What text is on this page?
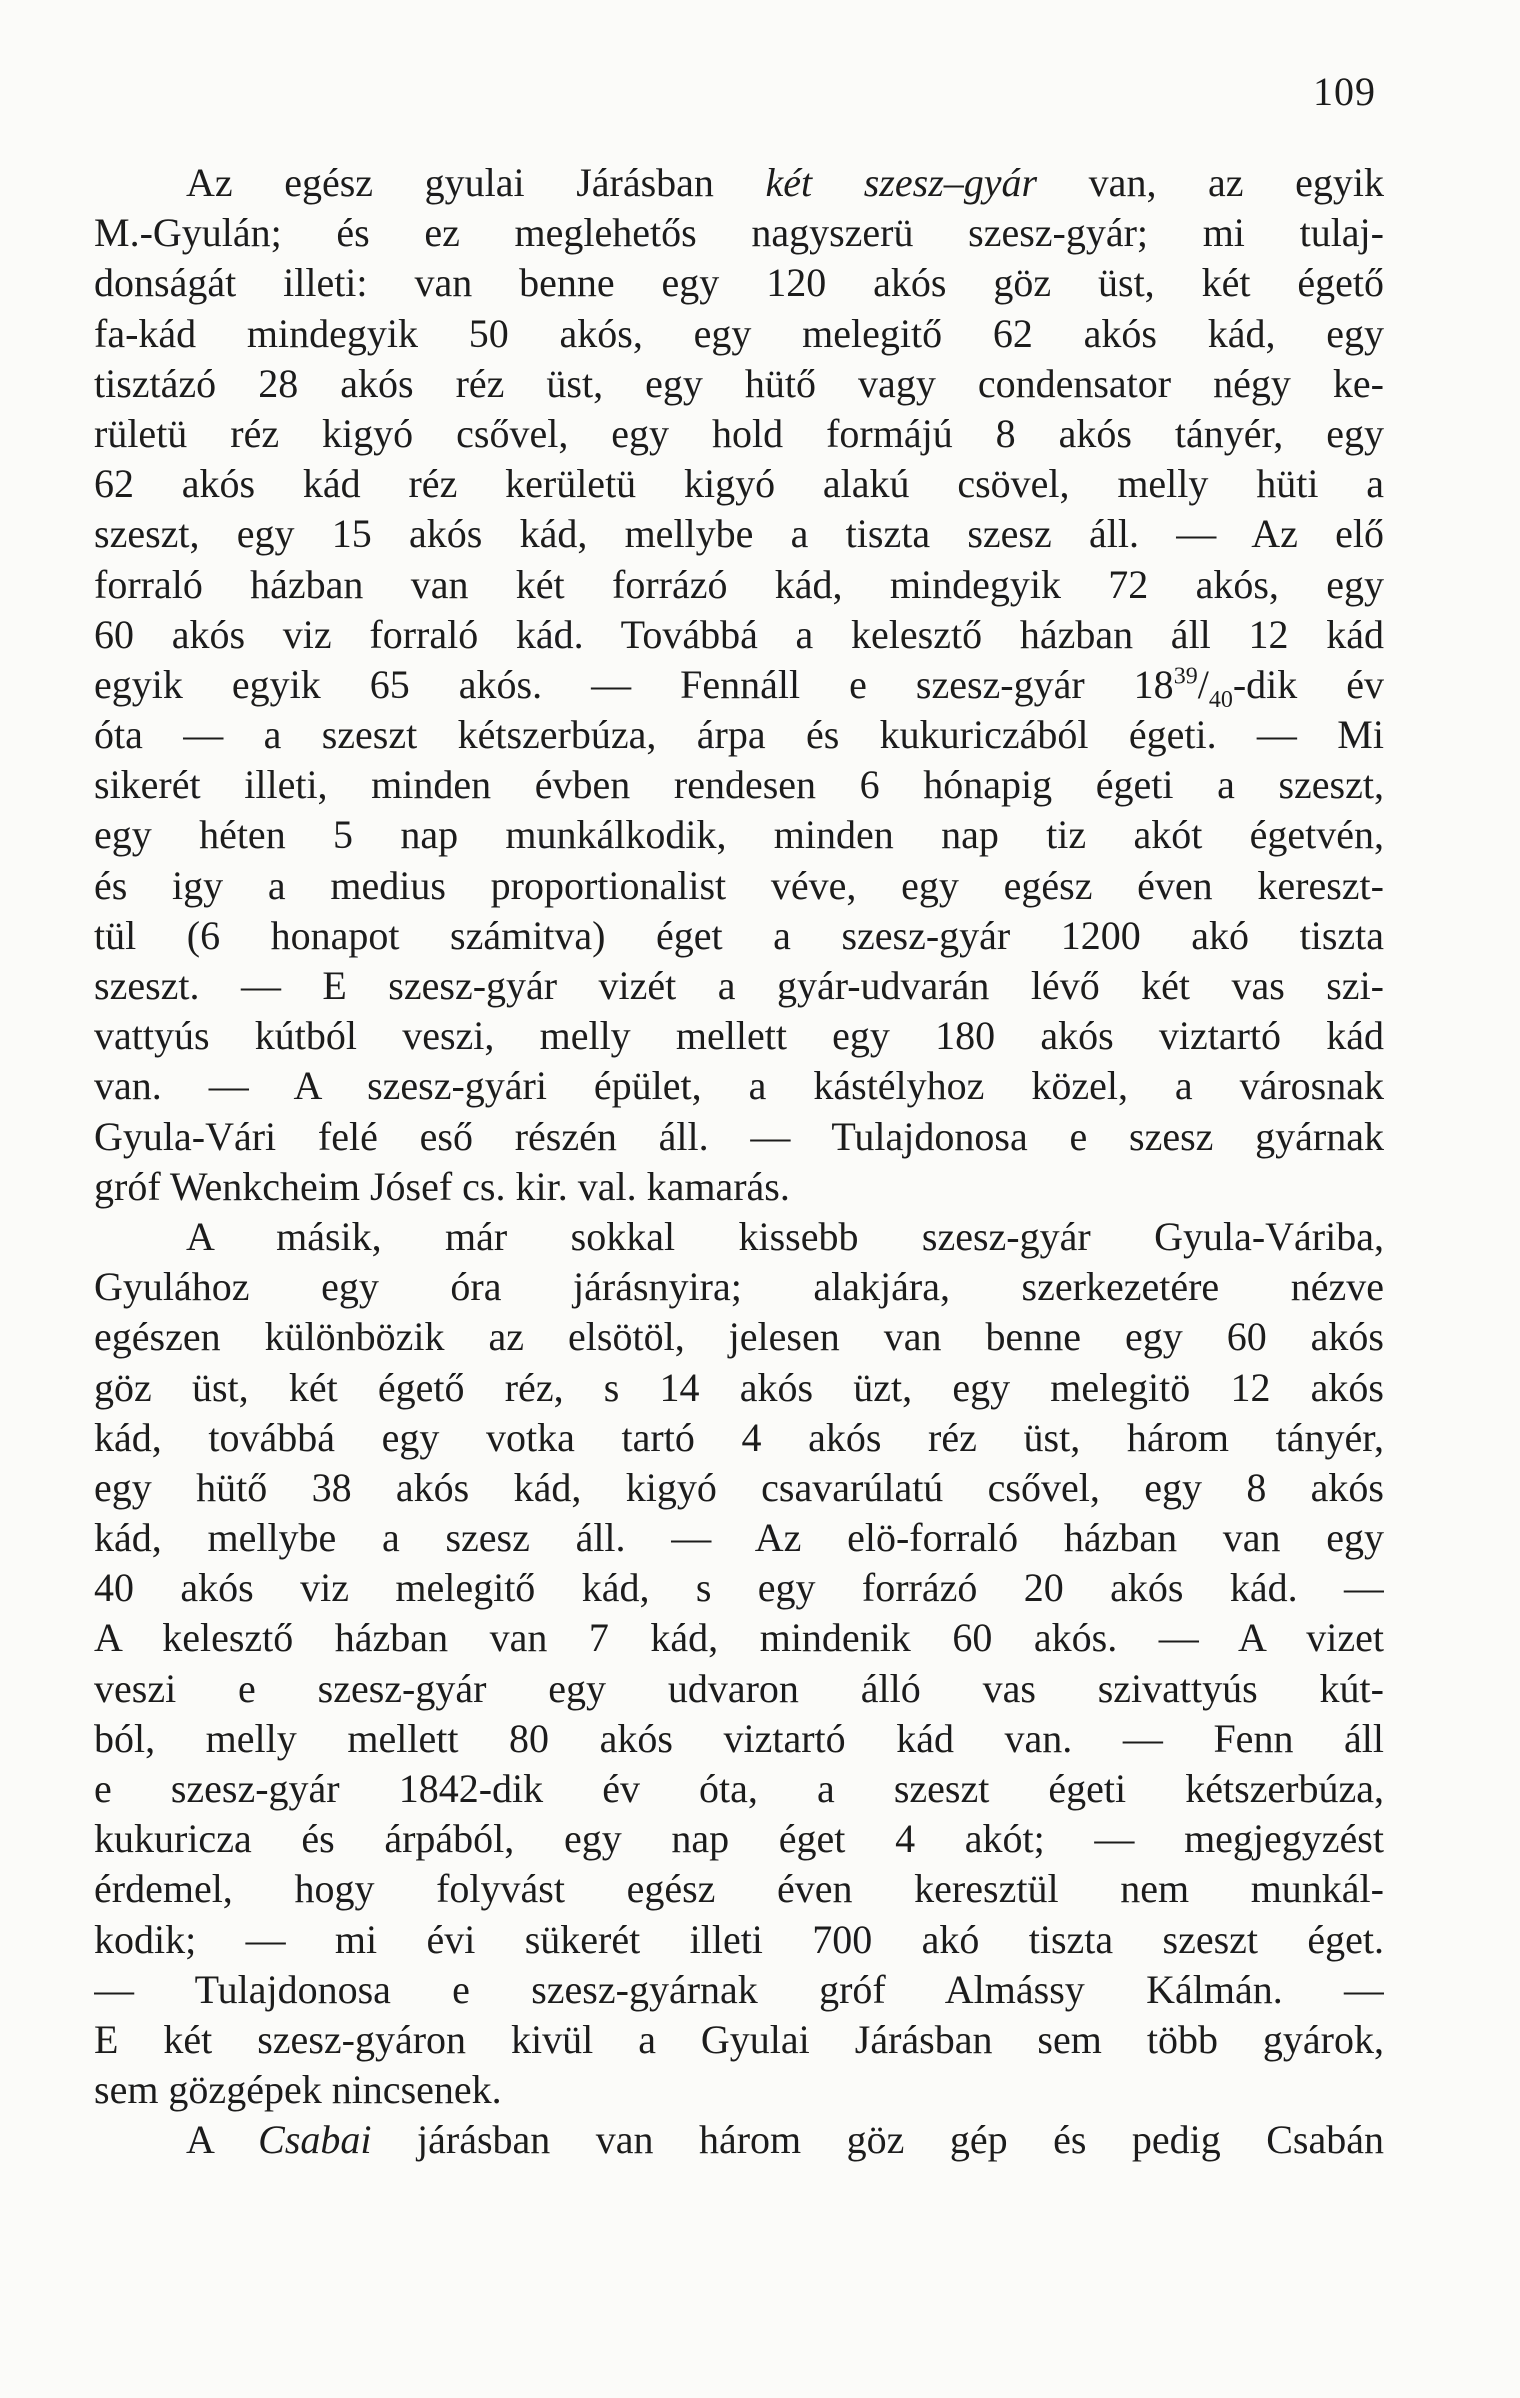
109
Az egész gyulai Járásban két szesz–gyár van, az egyik
M.-Gyulán; és ez meglehetős nagyszerü szesz-gyár; mi tulaj-
donságát illeti: van benne egy 120 akós göz üst, két égető
fa-kád mindegyik 50 akós, egy melegitő 62 akós kád, egy
tisztázó 28 akós réz üst, egy hütő vagy condensator négy ke-
rületü réz kigyó csővel, egy hold formájú 8 akós tányér, egy
62 akós kád réz kerületü kigyó alakú csövel, melly hüti a
szeszt, egy 15 akós kád, mellybe a tiszta szesz áll. — Az elő
forraló házban van két forrázó kád, mindegyik 72 akós, egy
60 akós viz forraló kád. Továbbá a kelesztő házban áll 12 kád
egyik egyik 65 akós. — Fennáll e szesz-gyár $18^{39}/_{40}$-dik év
óta — a szeszt kétszerbúza, árpa és kukuriczából égeti. — Mi
sikerét illeti, minden évben rendesen 6 hónapig égeti a szeszt,
egy héten 5 nap munkálkodik, minden nap tiz akót égetvén,
és igy a medius proportionalist véve, egy egész éven kereszt-
tül (6 honapot számitva) éget a szesz-gyár 1200 akó tiszta
szeszt. — E szesz-gyár vizét a gyár-udvarán lévő két vas szi-
vattyús kútból veszi, melly mellett egy 180 akós viztartó kád
van. — A szesz-gyári épület, a kástélyhoz közel, a városnak
Gyula-Vári felé eső részén áll. — Tulajdonosa e szesz gyárnak
gróf Wenkcheim Jósef cs. kir. val. kamarás.
A másik, már sokkal kissebb szesz-gyár Gyula-Váriba,
Gyulához egy óra járásnyira; alakjára, szerkezetére nézve
egészen különbözik az elsötöl, jelesen van benne egy 60 akós
göz üst, két égető réz, s 14 akós üzt, egy melegitö 12 akós
kád, továbbá egy votka tartó 4 akós réz üst, három tányér,
egy hütő 38 akós kád, kigyó csavarúlatú csővel, egy 8 akós
kád, mellybe a szesz áll. — Az elö-forraló házban van egy
40 akós viz melegitő kád, s egy forrázó 20 akós kád. —
A kelesztő házban van 7 kád, mindenik 60 akós. — A vizet
veszi e szesz-gyár egy udvaron álló vas szivattyús kút-
ból, melly mellett 80 akós viztartó kád van. — Fenn áll
e szesz-gyár 1842-dik év óta, a szeszt égeti kétszerbúza,
kukuricza és árpából, egy nap éget 4 akót; — megjegyzést
érdemel, hogy folyvást egész éven keresztül nem munkál-
kodik; — mi évi sükerét illeti 700 akó tiszta szeszt éget.
— Tulajdonosa e szesz-gyárnak gróf Almássy Kálmán. —
E két szesz-gyáron kivül a Gyulai Járásban sem több gyárok,
sem gözgépek nincsenek.
A Csabai járásban van három göz gép és pedig Csabán
